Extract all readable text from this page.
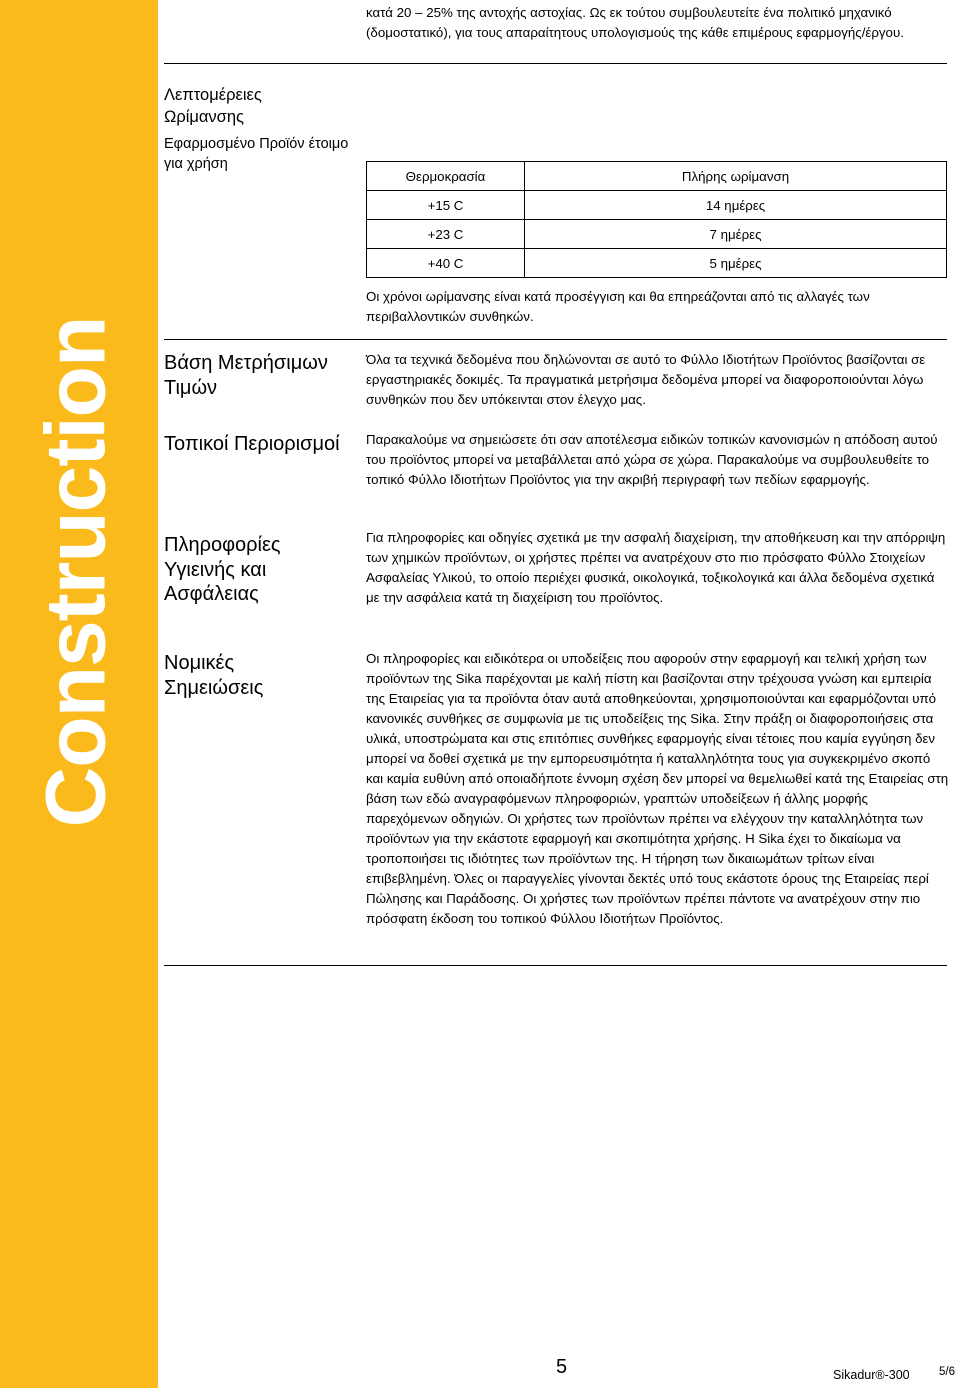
Construction

κατά 20 – 25% της αντοχής αστοχίας. Ως εκ τούτου συμβουλευτείτε ένα πολιτικό μηχανικό (δομοστατικό), για τους απαραίτητους υπολογισμούς της κάθε επιμέρους εφαρμογής/έργου.

Λεπτομέρειες Ωρίμανσης
Εφαρμοσμένο Προϊόν έτοιμο για χρήση
Θερμοκρασία	Πλήρης ωρίμανση
+15 C	14 ημέρες
+23 C	7 ημέρες
+40 C	5 ημέρες

Οι χρόνοι ωρίμανσης είναι κατά προσέγγιση και θα επηρεάζονται από τις αλλαγές των περιβαλλοντικών συνθηκών.

Βάση Μετρήσιμων Τιμών

Όλα τα τεχνικά δεδομένα που δηλώνονται σε αυτό το Φύλλο Ιδιοτήτων Προϊόντος βασίζονται σε εργαστηριακές δοκιμές. Τα πραγματικά μετρήσιμα δεδομένα μπορεί να διαφοροποιούνται λόγω συνθηκών που δεν υπόκεινται στον έλεγχο μας.

Τοπικοί Περιορισμοί	Παρακαλούμε να σημειώσετε ότι σαν αποτέλεσμα ειδικών τοπικών κανονισμών η απόδοση αυτού του προϊόντος μπορεί να μεταβάλλεται από χώρα σε χώρα. Παρακαλούμε να συμβουλευθείτε το τοπικό Φύλλο Ιδιοτήτων Προϊόντος για την ακριβή περιγραφή των πεδίων εφαρμογής.

Πληροφορίες Υγιεινής και Ασφάλειας

Για πληροφορίες και οδηγίες σχετικά με την ασφαλή διαχείριση, την αποθήκευση και την απόρριψη των χημικών προϊόντων, οι χρήστες πρέπει να ανατρέχουν στο πιο πρόσφατο Φύλλο Στοιχείων Ασφαλείας Υλικού, το οποίο περιέχει φυσικά, οικολογικά, τοξικολογικά και άλλα δεδομένα σχετικά με την ασφάλεια κατά τη διαχείριση του προϊόντος.

Νομικές Σημειώσεις

Οι πληροφορίες και ειδικότερα οι υποδείξεις που αφορούν στην εφαρμογή και τελική χρήση των προϊόντων της Sika παρέχονται με καλή πίστη και βασίζονται στην τρέχουσα γνώση και εμπειρία της Εταιρείας για τα προϊόντα όταν αυτά αποθηκεύονται, χρησιμοποιούνται και εφαρμόζονται υπό κανονικές συνθήκες σε συμφωνία με τις υποδείξεις της Sika. Στην πράξη οι διαφοροποιήσεις στα υλικά, υποστρώματα και στις επιτόπιες συνθήκες εφαρμογής είναι τέτοιες που καμία εγγύηση δεν μπορεί να δοθεί σχετικά με την εμπορευσιμότητα ή καταλληλότητα τους για συγκεκριμένο σκοπό και καμία ευθύνη από οποιαδήποτε έννομη σχέση δεν μπορεί να θεμελιωθεί κατά της Εταιρείας στη βάση των εδώ αναγραφόμενων πληροφοριών, γραπτών υποδείξεων ή άλλης μορφής παρεχόμενων οδηγιών. Οι χρήστες των προϊόντων πρέπει να ελέγχουν την καταλληλότητα των προϊόντων για την εκάστοτε εφαρμογή και σκοπιμότητα χρήσης. Η Sika έχει το δικαίωμα να τροποποιήσει τις ιδιότητες των προϊόντων της. Η τήρηση των δικαιωμάτων τρίτων είναι επιβεβλημένη. Όλες οι παραγγελίες γίνονται δεκτές υπό τους εκάστοτε όρους της Εταιρείας περί Πώλησης και Παράδοσης. Οι χρήστες των προϊόντων πρέπει πάντοτε να ανατρέχουν στην πιο πρόσφατη έκδοση του τοπικού Φύλλου Ιδιοτήτων Προϊόντος.

5	Sikadur®-300	5/6
